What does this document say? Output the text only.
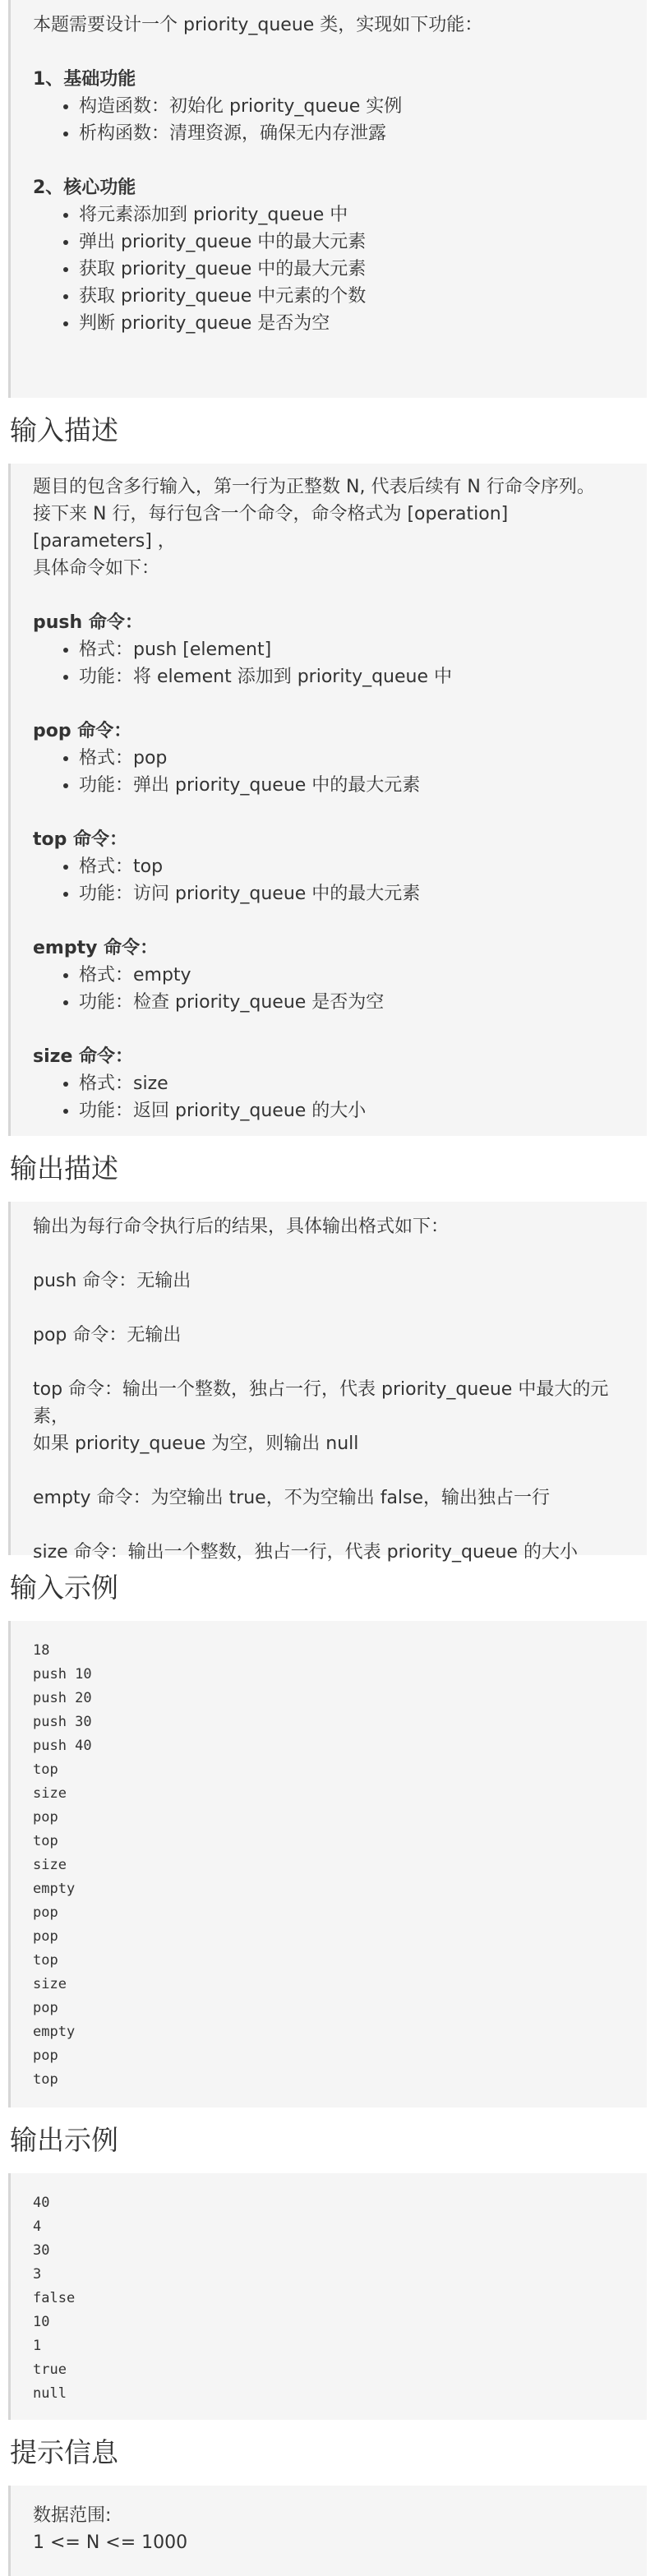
本题需要设计一个 priority_queue 类，实现如下功能：

1、基础功能

• 构造函数：初始化 priority_queue 实例
• 析构函数：清理资源，确保无内存泄露

2、核心功能

• 将元素添加到 priority_queue 中
• 弹出 priority_queue 中的最大元素
• 获取 priority_queue 中的最大元素
• 获取 priority_queue 中元素的个数
• 判断 priority_queue 是否为空
输入描述

题目的包含多行输入，第一行为正整数 N, 代表后续有 N 行命令序列。

接下来 N 行，每行包含一个命令，命令格式为 [operation] [parameters] ，

具体命令如下：

push 命令：

• 格式：push [element]
• 功能：将 element 添加到 priority_queue 中

pop 命令：

• 格式：pop
• 功能：弹出 priority_queue 中的最大元素

top 命令：

• 格式：top
• 功能：访问 priority_queue 中的最大元素

empty 命令：

• 格式：empty
• 功能：检查 priority_queue 是否为空

size 命令：

• 格式：size
• 功能：返回 priority_queue 的大小
输出描述

输出为每行命令执行后的结果，具体输出格式如下：

push 命令：无输出

pop 命令：无输出

top 命令：输出一个整数，独占一行，代表 priority_queue 中最大的元素，

如果 priority_queue 为空，则输出 null

empty 命令：为空输出 true，不为空输出 false，输出独占一行

size 命令：输出一个整数，独占一行，代表 priority_queue 的大小

输入示例
18
push 10
push 20
push 30
push 40
top
size
pop
top
size
empty
pop
pop
top
size
pop
empty
pop
top
输出示例
40
4
30
3
false
10
1
true
null
提示信息

数据范围:

1 <= N <= 1000
